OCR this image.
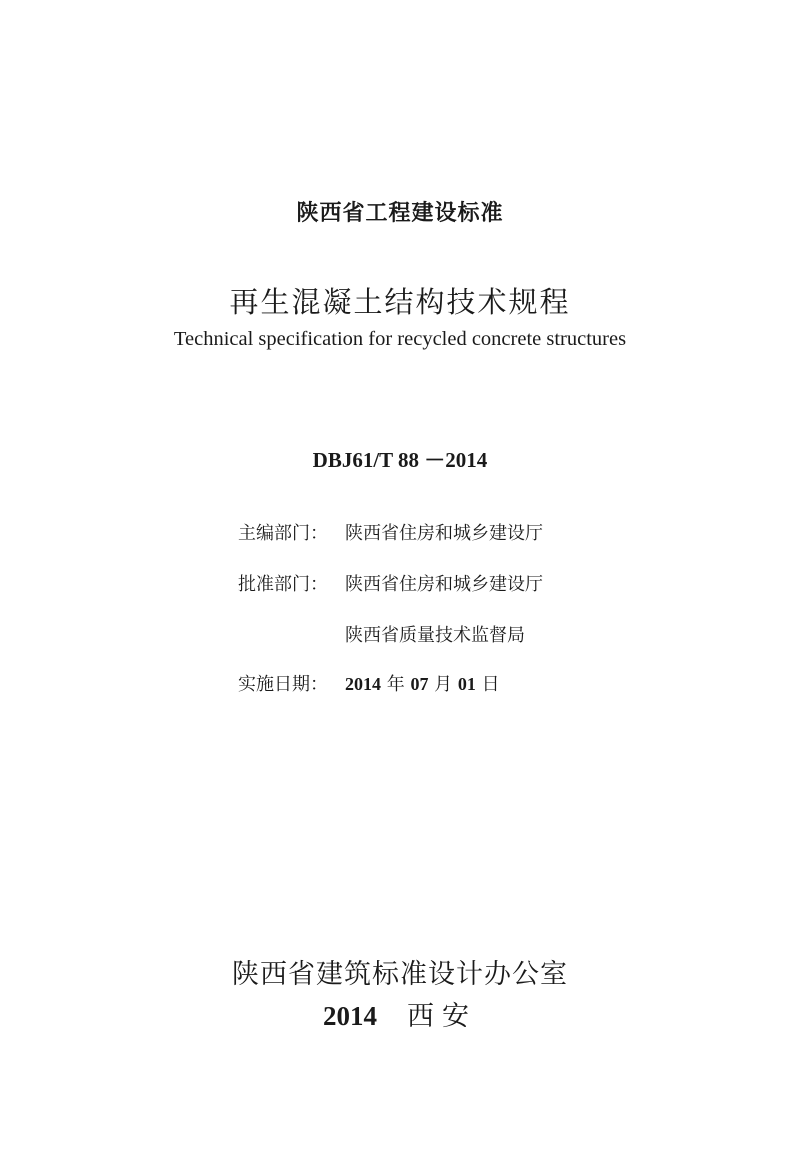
陕西省工程建设标准
再生混凝土结构技术规程
Technical specification for recycled concrete structures
DBJ61/T 88 －2014
主编部门： 陕西省住房和城乡建设厅
批准部门： 陕西省住房和城乡建设厅
陕西省质量技术监督局
实施日期： 2014 年 07 月 01 日
陕西省建筑标准设计办公室
2014 西安
